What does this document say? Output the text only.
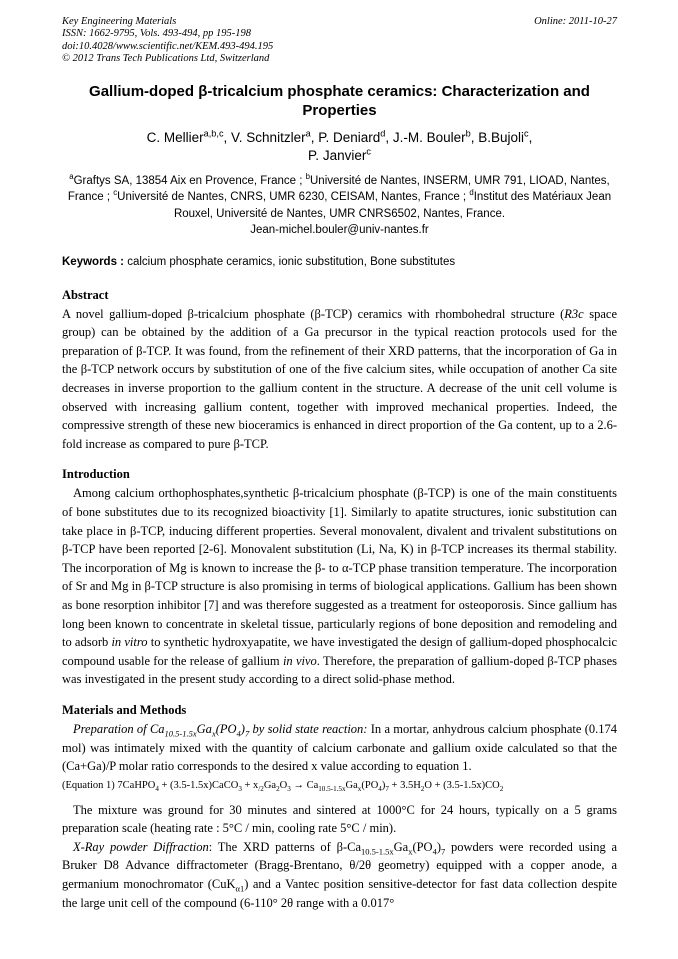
Key Engineering Materials	Online: 2011-10-27
ISSN: 1662-9795, Vols. 493-494, pp 195-198
doi:10.4028/www.scientific.net/KEM.493-494.195
© 2012 Trans Tech Publications Ltd, Switzerland
Gallium-doped β-tricalcium phosphate ceramics: Characterization and Properties
C. Mellier$^{a,b,c}$, V. Schnitzler$^a$, P. Deniard$^d$, J.-M. Bouler$^b$, B.Bujoli$^c$,
P. Janvier$^c$
$^a$Graftys SA, 13854 Aix en Provence, France ; $^b$Université de Nantes, INSERM, UMR 791, LIOAD, Nantes, France ; $^c$Université de Nantes, CNRS, UMR 6230, CEISAM, Nantes, France ; $^d$Institut des Matériaux Jean Rouxel, Université de Nantes, UMR CNRS6502, Nantes, France.
Jean-michel.bouler@univ-nantes.fr
Keywords : calcium phosphate ceramics, ionic substitution, Bone substitutes
Abstract

A novel gallium-doped β-tricalcium phosphate (β-TCP) ceramics with rhombohedral structure (R3c space group) can be obtained by the addition of a Ga precursor in the typical reaction protocols used for the preparation of β-TCP. It was found, from the refinement of their XRD patterns, that the incorporation of Ga in the β-TCP network occurs by substitution of one of the five calcium sites, while occupation of another Ca site decreases in inverse proportion to the gallium content in the structure. A decrease of the unit cell volume is observed with increasing gallium content, together with improved mechanical properties. Indeed, the compressive strength of these new bioceramics is enhanced in direct proportion of the Ga content, up to a 2.6-fold increase as compared to pure β-TCP.

Introduction

Among calcium orthophosphates,synthetic β-tricalcium phosphate (β-TCP) is one of the main constituents of bone substitutes due to its recognized bioactivity [1]. Similarly to apatite structures, ionic substitution can take place in β-TCP, inducing different properties. Several monovalent, divalent and trivalent substitutions on β-TCP have been reported [2-6]. Monovalent substitution (Li, Na, K) in β-TCP increases its thermal stability. The incorporation of Mg is known to increase the β- to α-TCP phase transition temperature. The incorporation of Sr and Mg in β-TCP structure is also promising in terms of biological applications. Gallium has been shown as bone resorption inhibitor [7] and was therefore suggested as a treatment for osteoporosis. Since gallium has long been known to concentrate in skeletal tissue, particularly regions of bone deposition and remodeling and to adsorb in vitro to synthetic hydroxyapatite, we have investigated the design of gallium-doped phosphocalcic compound usable for the release of gallium in vivo. Therefore, the preparation of gallium-doped β-TCP phases was investigated in the present study according to a direct solid-phase method.

Materials and Methods

Preparation of $Ca_{10.5-1.5x}Ga_x(PO_4)_7$ by solid state reaction: In a mortar, anhydrous calcium phosphate (0.174 mol) was intimately mixed with the quantity of calcium carbonate and gallium oxide calculated so that the (Ca+Ga)/P molar ratio corresponds to the desired x value according to equation 1.

(Equation 1) 7CaHPO$_4$ + (3.5-1.5x)CaCO$_3$ + $x_{/2}Ga_2O_3 \to Ca_{10.5-1.5x}Ga_x(PO_4)_7 + 3.5H_2O + (3.5-1.5x)CO_2$

The mixture was ground for 30 minutes and sintered at 1000°C for 24 hours, typically on a 5 grams preparation scale (heating rate : 5°C / min, cooling rate 5°C / min).

X-Ray powder Diffraction: The XRD patterns of $\beta-Ca_{10.5-1.5x}Ga_x(PO_4)_7$ powders were recorded using a Bruker D8 Advance diffractometer (Bragg-Brentano, θ/2θ geometry) equipped with a copper anode, a germanium monochromator (CuK$_{\alpha 1}$) and a Vantec position sensitive-detector for fast data collection despite the large unit cell of the compound (6-110° 2θ range with a 0.017°
